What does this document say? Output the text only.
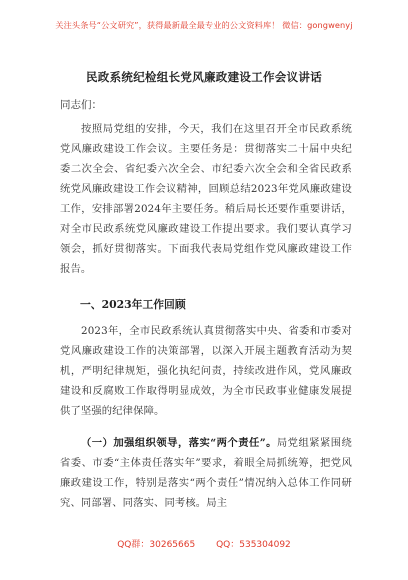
关注头条号“公文研究”，获得最新最全最专业的公文资料库！ 微信：gongwenyj
民政系统纪检组长党风廉政建设工作会议讲话
同志们：

按照局党组的安排，今天，我们在这里召开全市民政系统党风廉政建设工作会议。主要任务是：贯彻落实二十届中央纪委二次全会、省纪委六次全会、市纪委六次全会和全省民政系统党风廉政建设工作会议精神，回顾总结2023年党风廉政建设工作，安排部署2024年主要任务。稍后局长还要作重要讲话，对全市民政系统党风廉政建设工作提出要求。我们要认真学习领会，抓好贯彻落实。下面我代表局党组作党风廉政建设工作报告。

一、2023年工作回顾

2023年，全市民政系统认真贯彻落实中央、省委和市委对党风廉政建设工作的决策部署，以深入开展主题教育活动为契机，严明纪律规矩，强化执纪问责，持续改进作风，党风廉政建设和反腐败工作取得明显成效，为全市民政事业健康发展提供了坚强的纪律保障。

（一）加强组织领导，落实“两个责任”。局党组紧紧围绕省委、市委“主体责任落实年”要求，着眼全局抓统筹，把党风廉政建设工作，特别是落实“两个责任”情况纳入总体工作同研究、同部署、同落实、同考核。局主

QQ群：30265665 QQ：535304092
